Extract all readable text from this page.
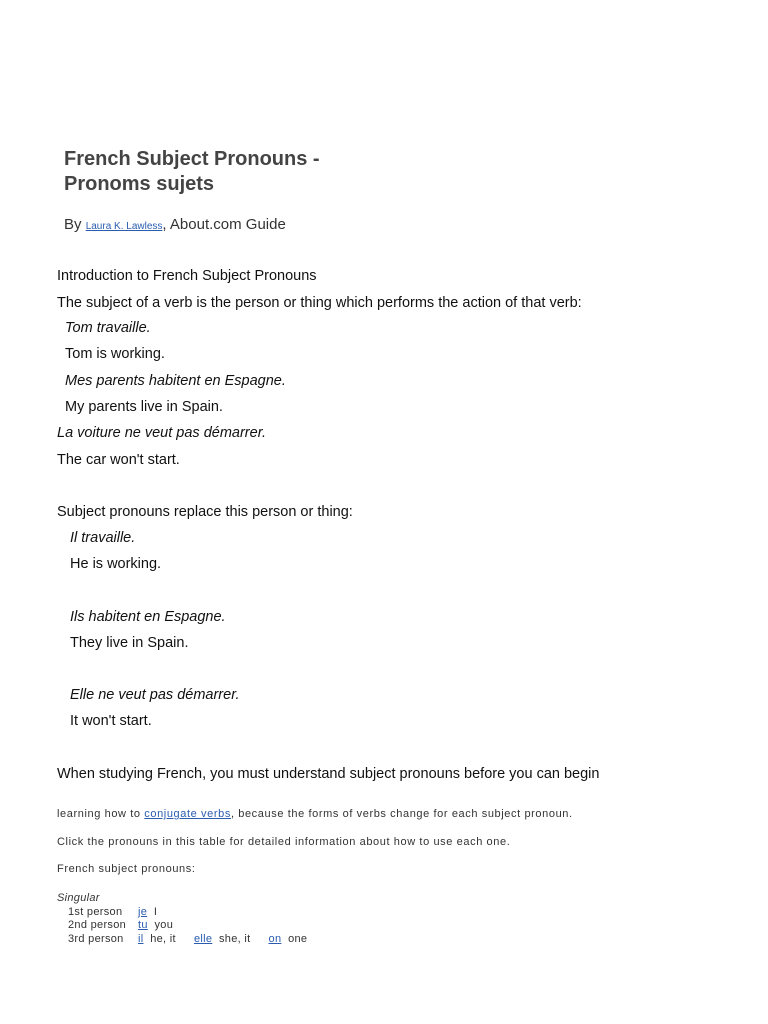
French Subject Pronouns -
Pronoms sujets
By Laura K. Lawless, About.com Guide
Introduction to French Subject Pronouns
The subject of a verb is the person or thing which performs the action of that verb:
Tom travaille.
Tom is working.
Mes parents habitent en Espagne.
My parents live in Spain.
La voiture ne veut pas démarrer.
The car won't start.
Subject pronouns replace this person or thing:
Il travaille.
He is working.
Ils habitent en Espagne.
They live in Spain.
Elle ne veut pas démarrer.
It won't start.
When studying French, you must understand subject pronouns before you can begin
learning how to conjugate verbs, because the forms of verbs change for each subject pronoun.
Click the pronouns in this table for detailed information about how to use each one.
French subject pronouns:
Singular
1st person je I
2nd person tu you
3rd person il he, it elle she, it on one
